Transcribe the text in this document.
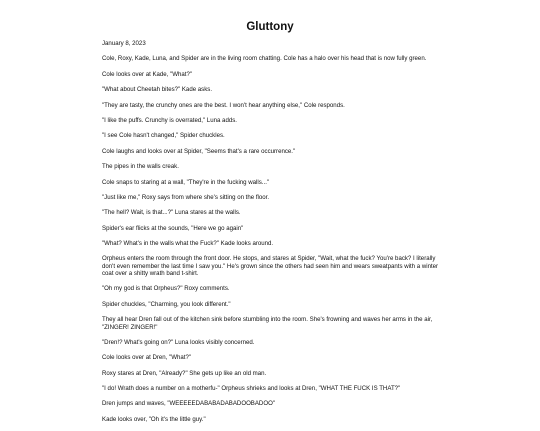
Gluttony

January 8, 2023

Cole, Roxy, Kade, Luna, and Spider are in the living room chatting. Cole has a halo over his head that is now fully green.

Cole looks over at Kade, "What?"

"What about Cheetah bites?" Kade asks.

"They are tasty, the crunchy ones are the best. I won't hear anything else," Cole responds.

"I like the puffs. Crunchy is overrated," Luna adds.

"I see Cole hasn't changed," Spider chuckles.

Cole laughs and looks over at Spider, "Seems that's a rare occurrence."

The pipes in the walls creak.

Cole snaps to staring at a wall, "They're in the fucking walls..."

"Just like me," Roxy says from where she's sitting on the floor.

"The hell? Wait, is that...?" Luna stares at the walls.

Spider's ear flicks at the sounds, "Here we go again"

"What? What's in the walls what the Fuck?" Kade looks around.

Orpheus enters the room through the front door. He stops, and stares at Spider, "Wait, what the fuck? You're back? I literally don't even remember the last time I saw you." He's grown since the others had seen him and wears sweatpants with a winter coat over a shitty wrath band t-shirt.

"Oh my god is that Orpheus?" Roxy comments.

Spider chuckles, "Charming, you look different."

They all hear Dren fall out of the kitchen sink before stumbling into the room. She's frowning and waves her arms in the air, "ZINGER! ZINGER!"

"Dren!? What's going on?" Luna looks visibly concerned.

Cole looks over at Dren, "What?"

Roxy stares at Dren, "Already?" She gets up like an old man.

"I do! Wrath does a number on a motherfu-" Orpheus shrieks and looks at Dren, "WHAT THE FUCK IS THAT?"

Dren jumps and waves, "WEEEEEDABABADABADOOBADOO"

Kade looks over, "Oh it's the little guy."
